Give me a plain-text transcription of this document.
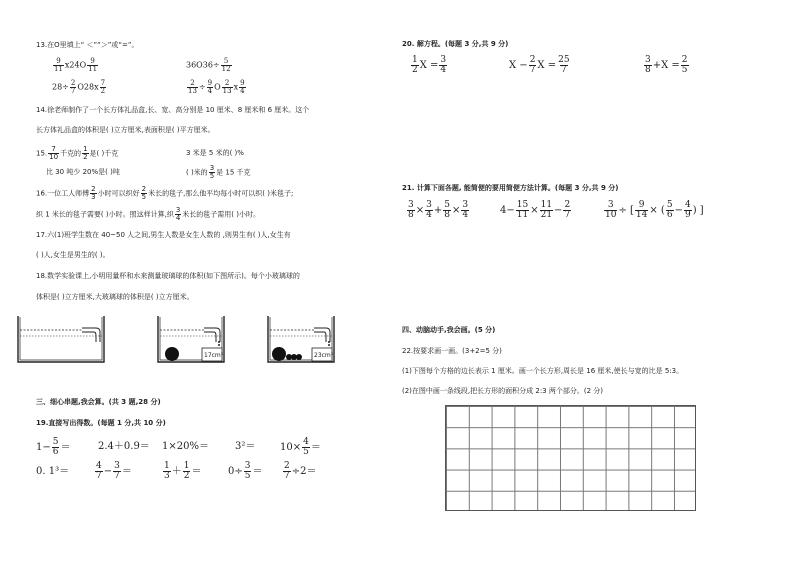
13.在O里填上“ ＜”“＞”或“=”。
$\frac{9}{11} x24O \frac{9}{11}$	$36O36\div \frac{5}{12}$
$28\div \frac{2}{7} O28x \frac{7}{2}$	$\frac{2}{13} \div \frac{9}{4}$ O $\frac{2}{13}$ x $\frac{9}{4}$
14.徐老师制作了一个长方体礼品盒,长、宽、高分别是 10 厘米、8 厘米和 6 厘米。这个
长方体礼品盒的体积是( )立方厘米,表面积是( )平方厘米。
15. $\frac{7}{10}$ 千克的 $\frac{1}{2}$ 是( )千克	3 米是 5 米的( )%
比 30 吨少 20%是( )吨	( )米的 $\frac{3}{5}$ 是 15 千克
16.一位工人师傅 $\frac{2}{3}$ 小时可以织好 $\frac{2}{5}$ 米长的毯子,那么他平均每小时可以织( )米毯子;
织 1 米长的毯子需要( )小时。照这样计算,织 $\frac{3}{4}$ 米长的毯子需用( )小时。
17.六(1)班学生数在 40~50 人之间,男生人数是女生人数的 ,则男生有( )人,女生有
( )人,女生是男生的( )。
18.数学实验课上,小明用量杯和水来测量玻璃球的体积(如下图所示)。每个小玻璃球的
体积是( )立方厘米,大玻璃球的体积是( )立方厘米。
17cm³	23cm³
三、细心串题,我会算。(共 3 题,28 分)
19.直接写出得数。(每题 1 分,共 10 分)
$1- \frac{5}{6}$ ＝	2.4＋0.9＝ 1×20%＝	$3^2= 10\times \frac{4}{5}$ ＝
0. 1³＝	$\frac{4}{7} - \frac{3}{7}$ ＝	$\frac{1}{3} + \frac{1}{2}$ ＝	$0\div \frac{3}{5} = \frac{2}{7} \div 2=$
20. 解方程。(每题 3 分,共 9 分)
$\frac{1}{2}$ $X = \frac{3}{4}$	$X - \frac{2}{7}$ $X = \frac{25}{7}$	$\frac{3}{8} +X = \frac{2}{5}$
21. 计算下面各题, 能简便的要用简便方法计算。(每题 3 分,共 9 分)
$\frac{3}{8} \times \frac{3}{4} + \frac{5}{8} \times \frac{3}{4}$	$4- \frac{15}{11} \times \frac{11}{21} - \frac{2}{7}$	$\frac{3}{10}$ ÷ [ $\frac{9}{14}$ × ( $\frac{5}{6} - \frac{4}{9}$ ) ]
四、动脑动手,我会画。(5 分)
22.按要求画一画。(3+2=5 分)
(1)下图每个方格的边长表示 1 厘米。画一个长方形,周长是 16 厘米,使长与宽的比是 5:3。
(2)在图中画一条线段,把长方形的面积分成 2:3 两个部分。(2 分)
